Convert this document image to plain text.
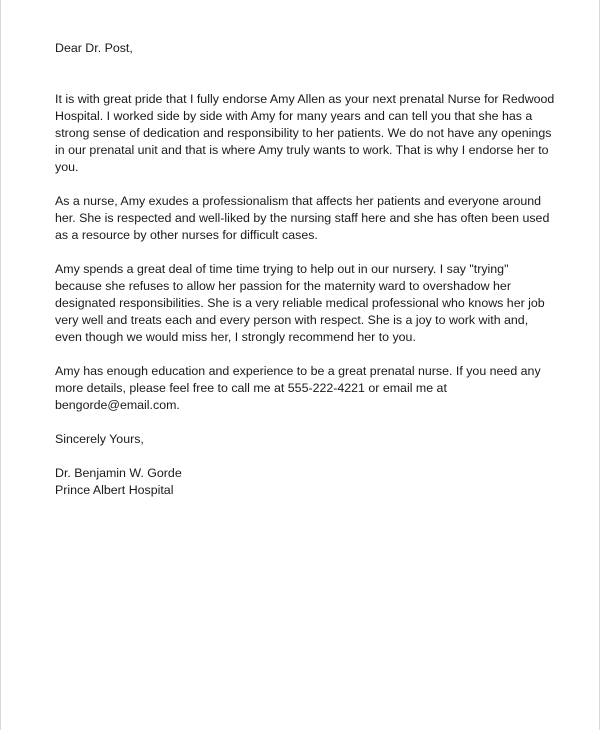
Dear Dr. Post,

It is with great pride that I fully endorse Amy Allen as your next prenatal Nurse for Redwood Hospital. I worked side by side with Amy for many years and can tell you that she has a strong sense of dedication and responsibility to her patients. We do not have any openings in our prenatal unit and that is where Amy truly wants to work. That is why I endorse her to you.

As a nurse, Amy exudes a professionalism that affects her patients and everyone around her. She is respected and well-liked by the nursing staff here and she has often been used as a resource by other nurses for difficult cases.

Amy spends a great deal of time time trying to help out in our nursery. I say "trying" because she refuses to allow her passion for the maternity ward to overshadow her designated responsibilities. She is a very reliable medical professional who knows her job very well and treats each and every person with respect. She is a joy to work with and, even though we would miss her, I strongly recommend her to you.

Amy has enough education and experience to be a great prenatal nurse. If you need any more details, please feel free to call me at 555-222-4221 or email me at bengorde@email.com.

Sincerely Yours,

Dr. Benjamin W. Gorde

Prince Albert Hospital
